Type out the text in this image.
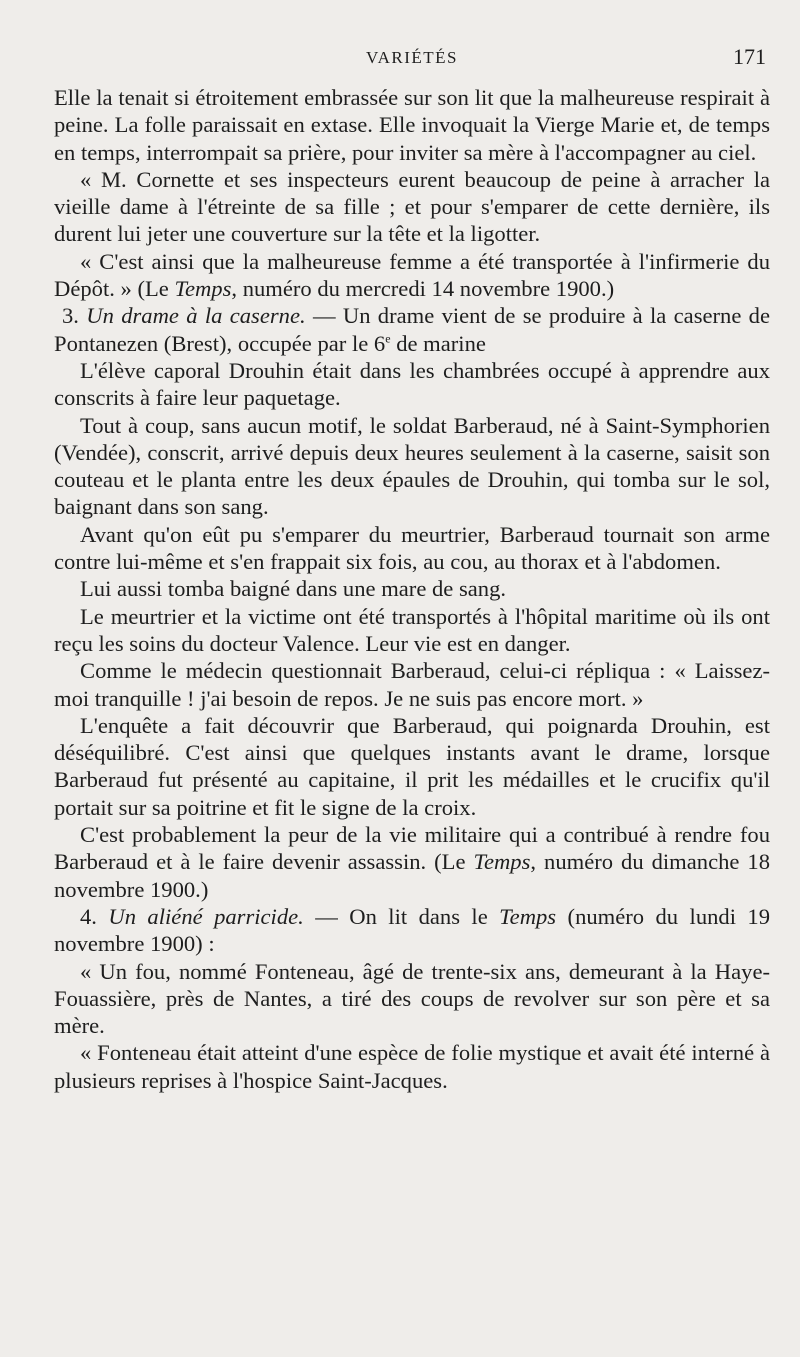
VARIÉTÉS	171

Elle la tenait si étroitement embrassée sur son lit que la malheureuse respirait à peine. La folle paraissait en extase. Elle invoquait la Vierge Marie et, de temps en temps, interrompait sa prière, pour inviter sa mère à l'accompagner au ciel.

« M. Cornette et ses inspecteurs eurent beaucoup de peine à arracher la vieille dame à l'étreinte de sa fille ; et pour s'emparer de cette dernière, ils durent lui jeter une couverture sur la tête et la ligotter.

« C'est ainsi que la malheureuse femme a été transportée à l'infirmerie du Dépôt. » (Le Temps, numéro du mercredi 14 novembre 1900.)

3. Un drame à la caserne. — Un drame vient de se produire à la caserne de Pontanezen (Brest), occupée par le 6e de marine

L'élève caporal Drouhin était dans les chambrées occupé à apprendre aux conscrits à faire leur paquetage.

Tout à coup, sans aucun motif, le soldat Barberaud, né à Saint-Symphorien (Vendée), conscrit, arrivé depuis deux heures seulement à la caserne, saisit son couteau et le planta entre les deux épaules de Drouhin, qui tomba sur le sol, baignant dans son sang.

Avant qu'on eût pu s'emparer du meurtrier, Barberaud tournait son arme contre lui-même et s'en frappait six fois, au cou, au thorax et à l'abdomen.

Lui aussi tomba baigné dans une mare de sang.

Le meurtrier et la victime ont été transportés à l'hôpital maritime où ils ont reçu les soins du docteur Valence. Leur vie est en danger.

Comme le médecin questionnait Barberaud, celui-ci répliqua : « Laissez-moi tranquille ! j'ai besoin de repos. Je ne suis pas encore mort. »

L'enquête a fait découvrir que Barberaud, qui poignarda Drouhin, est déséquilibré. C'est ainsi que quelques instants avant le drame, lorsque Barberaud fut présenté au capitaine, il prit les médailles et le crucifix qu'il portait sur sa poitrine et fit le signe de la croix.

C'est probablement la peur de la vie militaire qui a contribué à rendre fou Barberaud et à le faire devenir assassin. (Le Temps, numéro du dimanche 18 novembre 1900.)

4. Un aliéné parricide. — On lit dans le Temps (numéro du lundi 19 novembre 1900) :

« Un fou, nommé Fonteneau, âgé de trente-six ans, demeurant à la Haye-Fouassière, près de Nantes, a tiré des coups de revolver sur son père et sa mère.

« Fonteneau était atteint d'une espèce de folie mystique et avait été interné à plusieurs reprises à l'hospice Saint-Jacques.
